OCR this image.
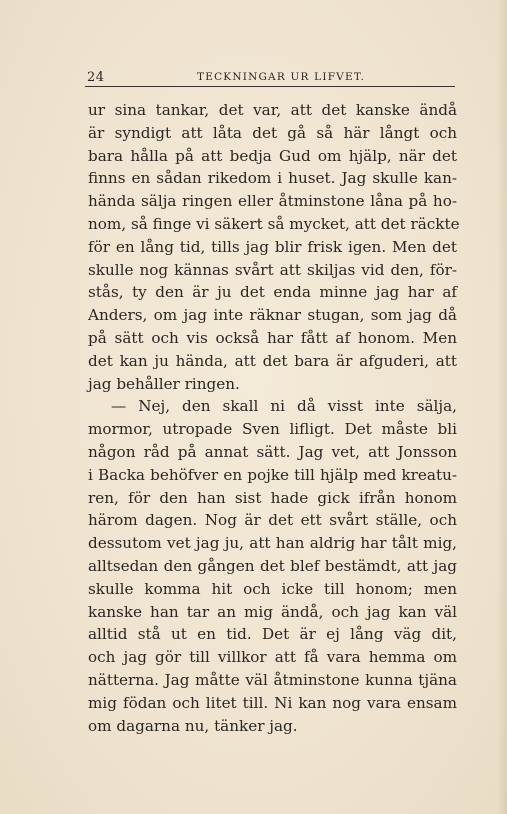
24	TECKNINGAR UR LIFVET.
ur sina tankar, det var, att det kanske ändå
är syndigt att låta det gå så här långt och
bara hålla på att bedja Gud om hjälp, när det
finns en sådan rikedom i huset. Jag skulle kan-
hända sälja ringen eller åtminstone låna på ho-
nom, så finge vi säkert så mycket, att det räckte
för en lång tid, tills jag blir frisk igen. Men det
skulle nog kännas svårt att skiljas vid den, för-
stås, ty den är ju det enda minne jag har af
Anders, om jag inte räknar stugan, som jag då
på sätt och vis också har fått af honom. Men
det kan ju hända, att det bara är afguderi, att
jag behåller ringen.
— Nej, den skall ni då visst inte sälja,
mormor, utropade Sven lifligt. Det måste bli
någon råd på annat sätt. Jag vet, att Jonsson
i Backa behöfver en pojke till hjälp med kreatu-
ren, för den han sist hade gick ifrån honom
härom dagen. Nog är det ett svårt ställe, och
dessutom vet jag ju, att han aldrig har tålt mig,
alltsedan den gången det blef bestämdt, att jag
skulle komma hit och icke till honom; men
kanske han tar an mig ändå, och jag kan väl
alltid stå ut en tid. Det är ej lång väg dit,
och jag gör till villkor att få vara hemma om
nätterna. Jag måtte väl åtminstone kunna tjäna
mig födan och litet till. Ni kan nog vara ensam
om dagarna nu, tänker jag.
